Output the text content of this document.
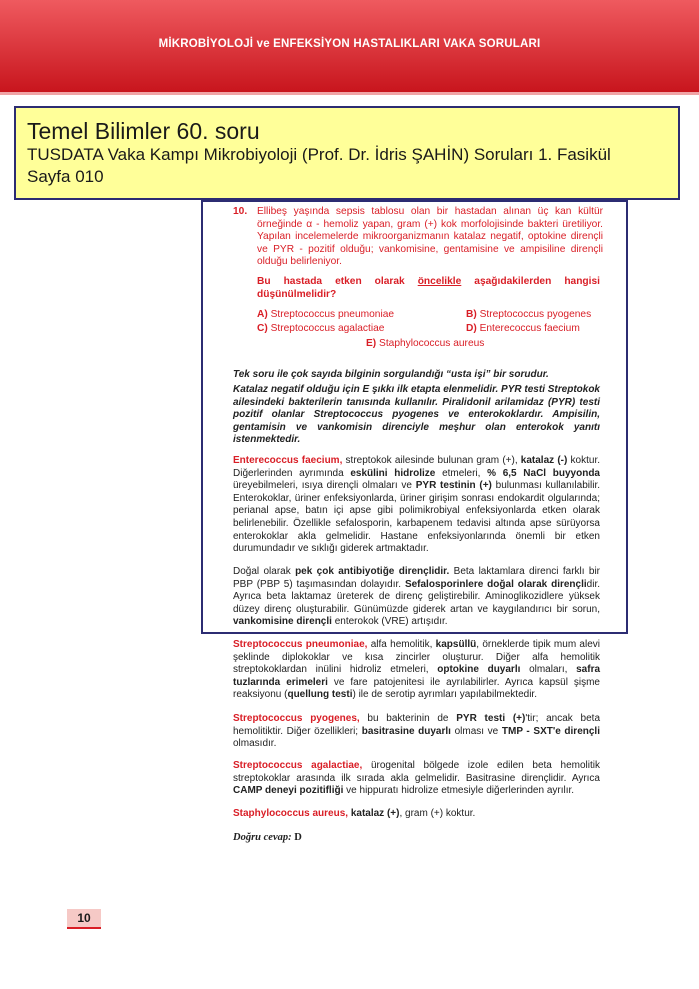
MİKROBİYOLOJİ ve ENFEKSİYON HASTALIKLARI VAKA SORULARI
Temel Bilimler 60. soru
TUSDATA Vaka Kampı Mikrobiyoloji (Prof. Dr. İdris ŞAHİN) Soruları 1. Fasikül
Sayfa 010
10. Ellibeş yaşında sepsis tablosu olan bir hastadan alınan üç kan kültür örneğinde α - hemoliz yapan, gram (+) kok morfolojisinde bakteri üretiliyor. Yapılan incelemelerde mikroorganizmanın katalaz negatif, optokine dirençli ve PYR - pozitif olduğu; vankomisine, gentamisine ve ampisiline dirençli olduğu belirleniyor.
Bu hastada etken olarak öncelikle aşağıdakilerden hangisi düşünülmelidir?
A) Streptococcus pneumoniae	B) Streptococcus pyogenes
C) Streptococcus agalactiae	D) Enterecoccus faecium
E) Staphylococcus aureus
Tek soru ile çok sayıda bilginin sorgulandığı “usta işi” bir sorudur.
Katalaz negatif olduğu için E şıkkı ilk etapta elenmelidir. PYR testi Streptokok ailesindeki bakterilerin tanısında kullanılır. Piralidonil arilamidaz (PYR) testi pozitif olanlar Streptococcus pyogenes ve enterokoklardır. Ampisilin, gentamisin ve vankomisin direnciyle meşhur olan enterokok yanıtı istenmektedir.
Enterecoccus faecium, streptokok ailesinde bulunan gram (+), katalaz (-) koktur. Diğerlerinden ayrımında eskülini hidrolize etmeleri, % 6,5 NaCl buyyonda üreyebilmeleri, ısıya dirençli olmaları ve PYR testinin (+) bulunması kullanılabilir. Enterokoklar, üriner enfeksiyonlarda, üriner girişim sonrası endokardit olgularında; perianal apse, batın içi apse gibi polimikrobiyal enfeksiyonlarda etken olarak belirlenebilir. Özellikle sefalosporin, karbapenem tedavisi altında apse sürüyorsa enterokoklar akla gelmelidir. Hastane enfeksiyonlarında önemli bir etken durumundadır ve sıklığı giderek artmaktadır.
Doğal olarak pek çok antibiyotiğe dirençlidir. Beta laktamlara direnci farklı bir PBP (PBP 5) taşımasından dolayıdır. Sefalosporinlere doğal olarak dirençlidir. Ayrıca beta laktamaz üreterek de direnç geliştirebilir. Aminoglikozidlere yüksek düzey direnç oluşturabilir. Günümüzde giderek artan ve kaygılandırıcı bir sorun, vankomisine dirençli enterokok (VRE) artışıdır.
Streptococcus pneumoniae, alfa hemolitik, kapsüllü, örneklerde tipik mum alevi şeklinde diplokoklar ve kısa zincirler oluşturur. Diğer alfa hemolitik streptokoklardan inülini hidroliz etmeleri, optokine duyarlı olmaları, safra tuzlarında erimeleri ve fare patojenitesi ile ayrılabilirler. Ayrıca kapsül şişme reaksiyonu (quellung testi) ile de serotip ayrımları yapılabilmektedir.
Streptococcus pyogenes, bu bakterinin de PYR testi (+)'tir; ancak beta hemolitiktir. Diğer özellikleri; basitrasine duyarlı olması ve TMP - SXT'e dirençli olmasıdır.
Streptococcus agalactiae, ürogenital bölgede izole edilen beta hemolitik streptokoklar arasında ilk sırada akla gelmelidir. Basitrasine dirençlidir. Ayrıca CAMP deneyi pozitifliği ve hippuratı hidrolize etmesiyle diğerlerinden ayrılır.
Staphylococcus aureus, katalaz (+), gram (+) koktur.
Doğru cevap: D
10
